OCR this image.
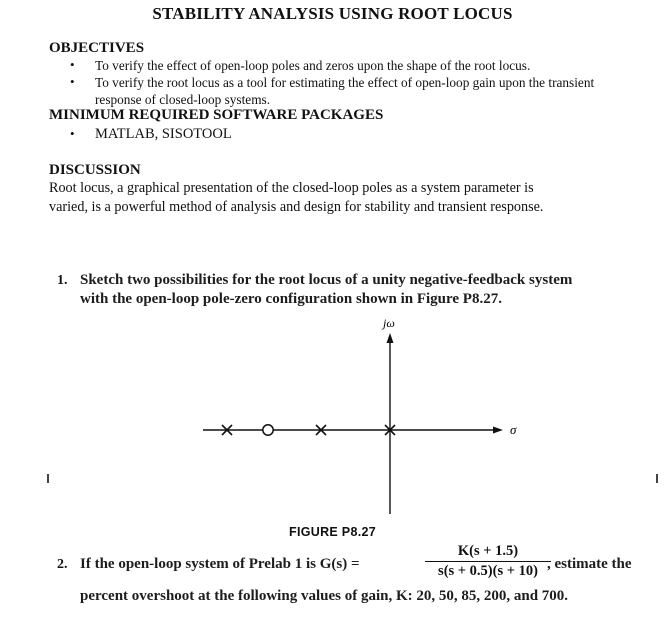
STABILITY ANALYSIS USING ROOT LOCUS
OBJECTIVES
• To verify the effect of open-loop poles and zeros upon the shape of the root locus.
• To verify the root locus as a tool for estimating the effect of open-loop gain upon the transient
response of closed-loop systems.
MINIMUM REQUIRED SOFTWARE PACKAGES
• MATLAB, SISOTOOL
DISCUSSION
Root locus, a graphical presentation of the closed-loop poles as a system parameter is
varied, is a powerful method of analysis and design for stability and transient response.
1. Sketch two possibilities for the root locus of a unity negative-feedback system
with the open-loop pole-zero configuration shown in Figure P8.27.
jω
σ
FIGURE P8.27
2. If the open-loop system of Prelab 1 is G(s) =	$\frac{K(s + 1.5)}{s(s + 0.5)(s + 10)}$
, estimate the
percent overshoot at the following values of gain, K: 20, 50, 85, 200, and 700.
